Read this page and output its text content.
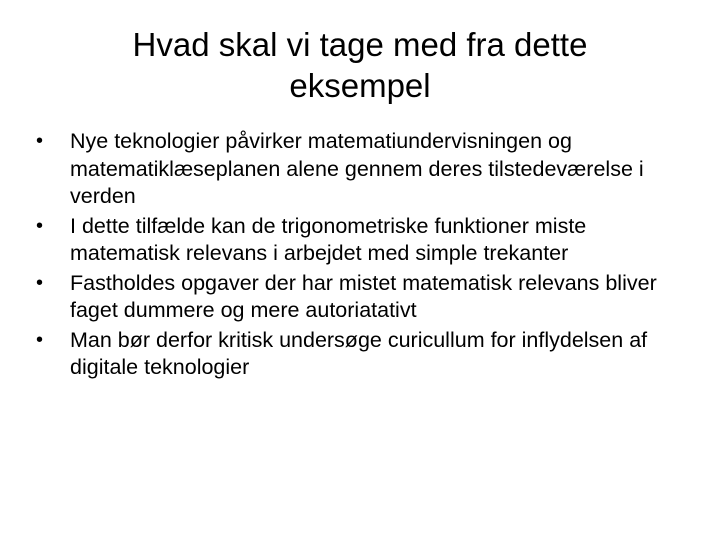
Hvad skal vi tage med fra dette
eksempel
•	Nye teknologier påvirker matematiundervisningen og matematiklæseplanen alene gennem deres tilstedeværelse i verden
•	I dette tilfælde kan de trigonometriske funktioner miste matematisk relevans i arbejdet med simple trekanter
•	Fastholdes opgaver der har mistet matematisk relevans bliver faget dummere og mere autoriatativt
•	Man bør derfor kritisk undersøge curicullum for inflydelsen af digitale teknologier
